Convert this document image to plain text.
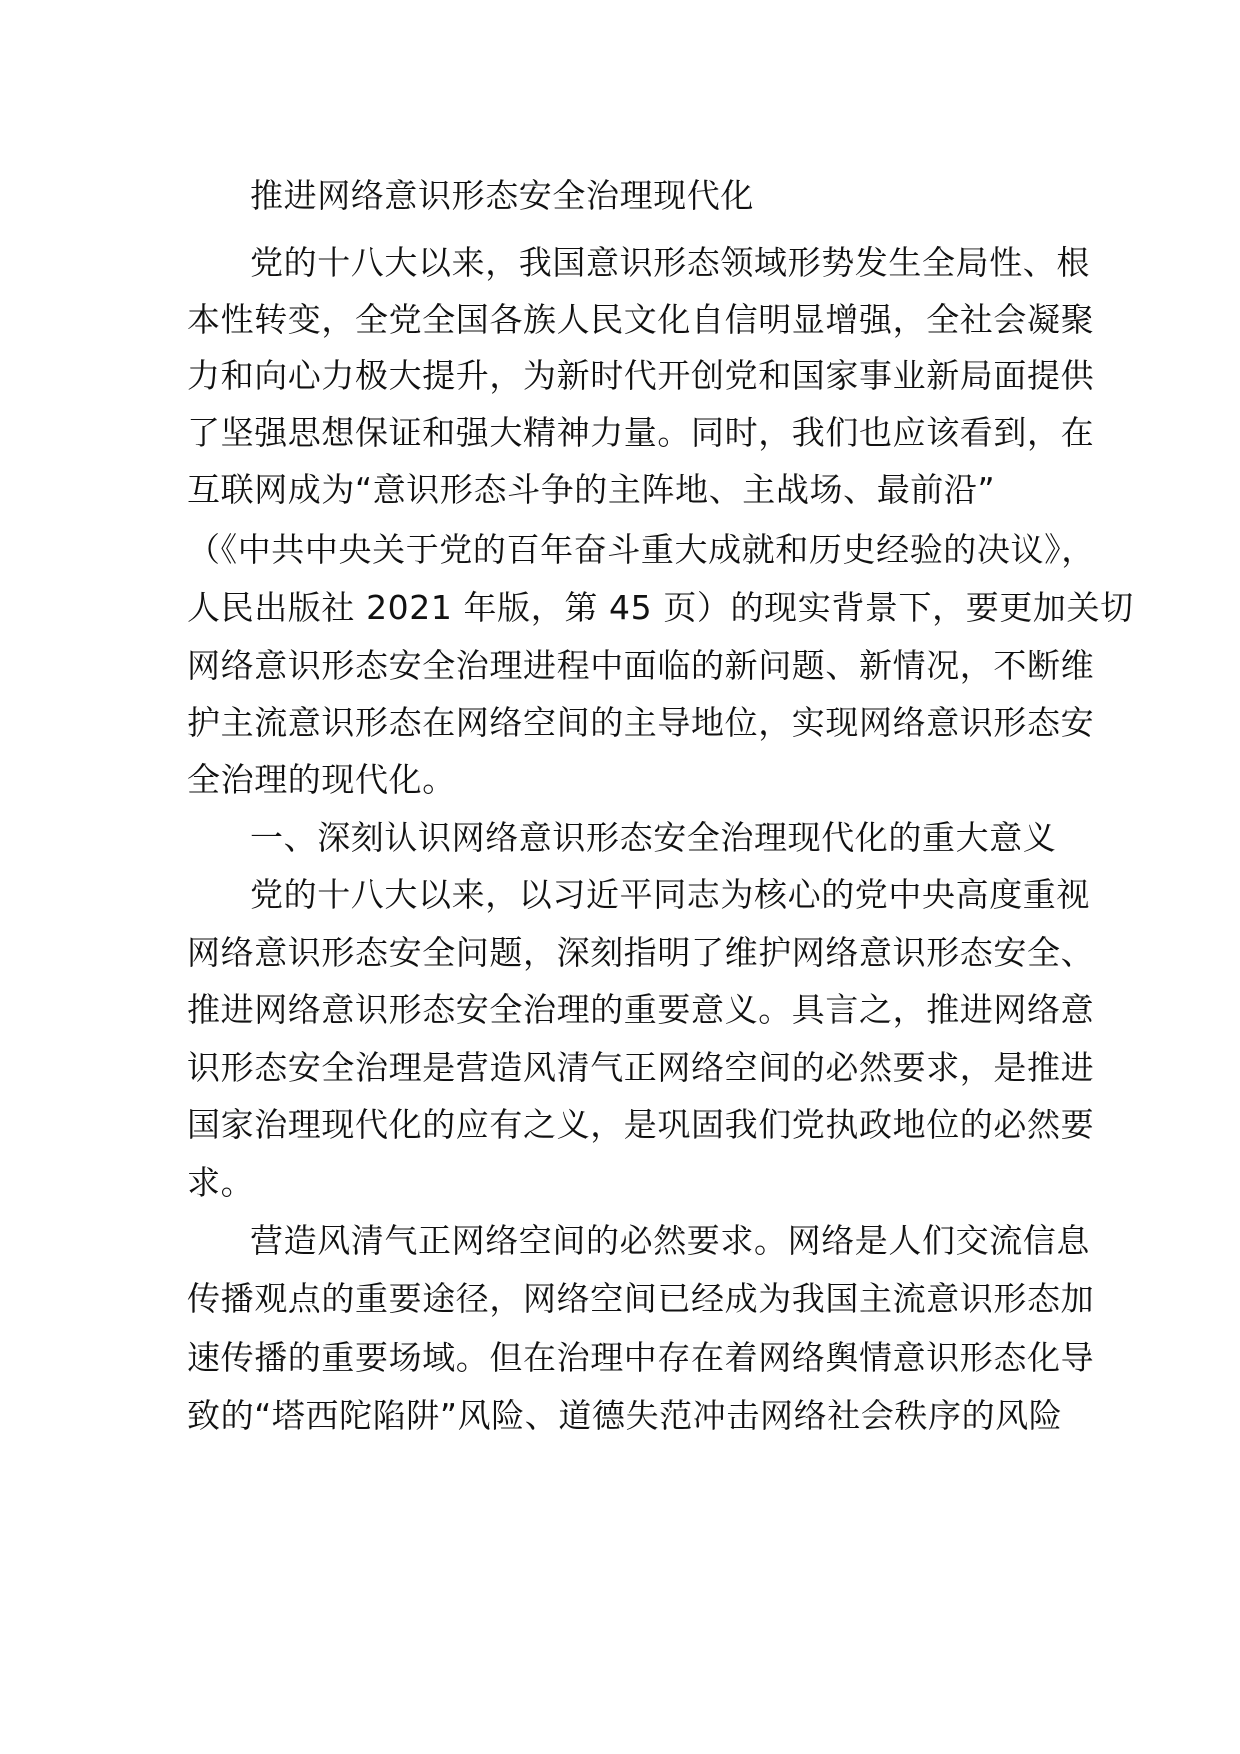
推进网络意识形态安全治理现代化
党的十八大以来，我国意识形态领域形势发生全局性、根
本性转变，全党全国各族人民文化自信明显增强，全社会凝聚
力和向心力极大提升，为新时代开创党和国家事业新局面提供
了坚强思想保证和强大精神力量。同时，我们也应该看到，在
互联网成为“意识形态斗争的主阵地、主战场、最前沿”
（《中共中央关于党的百年奋斗重大成就和历史经验的决议》，
人民出版社 2021 年版，第 45 页）的现实背景下，要更加关切
网络意识形态安全治理进程中面临的新问题、新情况，不断维
护主流意识形态在网络空间的主导地位，实现网络意识形态安
全治理的现代化。
一、深刻认识网络意识形态安全治理现代化的重大意义
党的十八大以来，以习近平同志为核心的党中央高度重视
网络意识形态安全问题，深刻指明了维护网络意识形态安全、
推进网络意识形态安全治理的重要意义。具言之，推进网络意
识形态安全治理是营造风清气正网络空间的必然要求，是推进
国家治理现代化的应有之义，是巩固我们党执政地位的必然要
求。
营造风清气正网络空间的必然要求。网络是人们交流信息
传播观点的重要途径，网络空间已经成为我国主流意识形态加
速传播的重要场域。但在治理中存在着网络舆情意识形态化导
致的“塔西陀陷阱”风险、道德失范冲击网络社会秩序的风险
